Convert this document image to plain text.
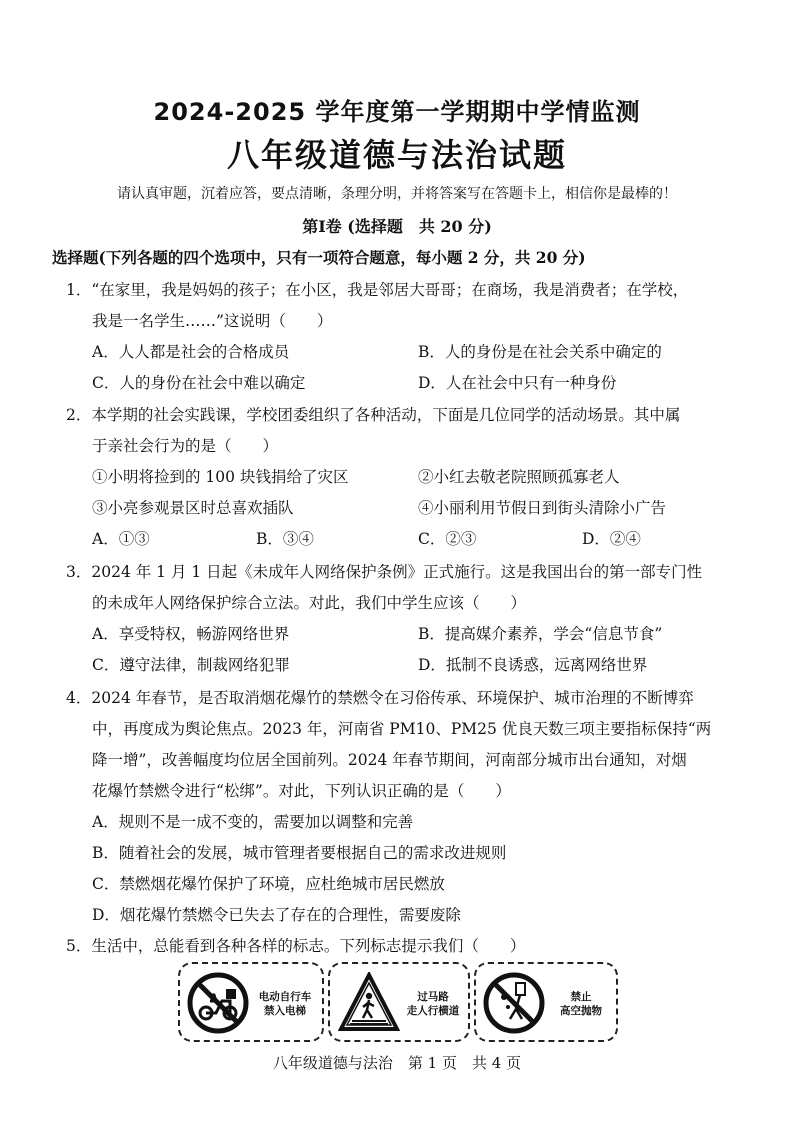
2024-2025 学年度第一学期期中学情监测
八年级道德与法治试题
请认真审题，沉着应答，要点清晰，条理分明，并将答案写在答题卡上，相信你是最棒的！
第Ⅰ卷 (选择题　共 20 分)
选择题(下列各题的四个选项中，只有一项符合题意，每小题 2 分，共 20 分)
1．“在家里，我是妈妈的孩子；在小区，我是邻居大哥哥；在商场，我是消费者；在学校，
我是一名学生……”这说明（　　）
A．人人都是社会的合格成员	B．人的身份是在社会关系中确定的
C．人的身份在社会中难以确定	D．人在社会中只有一种身份
2．本学期的社会实践课，学校团委组织了各种活动，下面是几位同学的活动场景。其中属
于亲社会行为的是（　　）
①小明将捡到的 100 块钱捐给了灾区	②小红去敬老院照顾孤寡老人
③小亮参观景区时总喜欢插队	④小丽利用节假日到街头清除小广告
A．①③	B．③④	C．②③	D．②④
3．2024 年 1 月 1 日起《未成年人网络保护条例》正式施行。这是我国出台的第一部专门性
的未成年人网络保护综合立法。对此，我们中学生应该（　　）
A．享受特权，畅游网络世界	B．提高媒介素养，学会“信息节食”
C．遵守法律，制裁网络犯罪	D．抵制不良诱惑，远离网络世界
4．2024 年春节，是否取消烟花爆竹的禁燃令在习俗传承、环境保护、城市治理的不断博弈
中，再度成为舆论焦点。2023 年，河南省 PM10、PM25 优良天数三项主要指标保持“两
降一增”，改善幅度均位居全国前列。2024 年春节期间，河南部分城市出台通知，对烟
花爆竹禁燃令进行“松绑”。对此，下列认识正确的是（　　）
A．规则不是一成不变的，需要加以调整和完善
B．随着社会的发展，城市管理者要根据自己的需求改进规则
C．禁燃烟花爆竹保护了环境，应杜绝城市居民燃放
D．烟花爆竹禁燃令已失去了存在的合理性，需要废除
5．生活中，总能看到各种各样的标志。下列标志提示我们（　　）
电动自行车
禁入电梯
过马路
走人行横道
禁止
高空抛物
八年级道德与法治　第 1 页　共 4 页
